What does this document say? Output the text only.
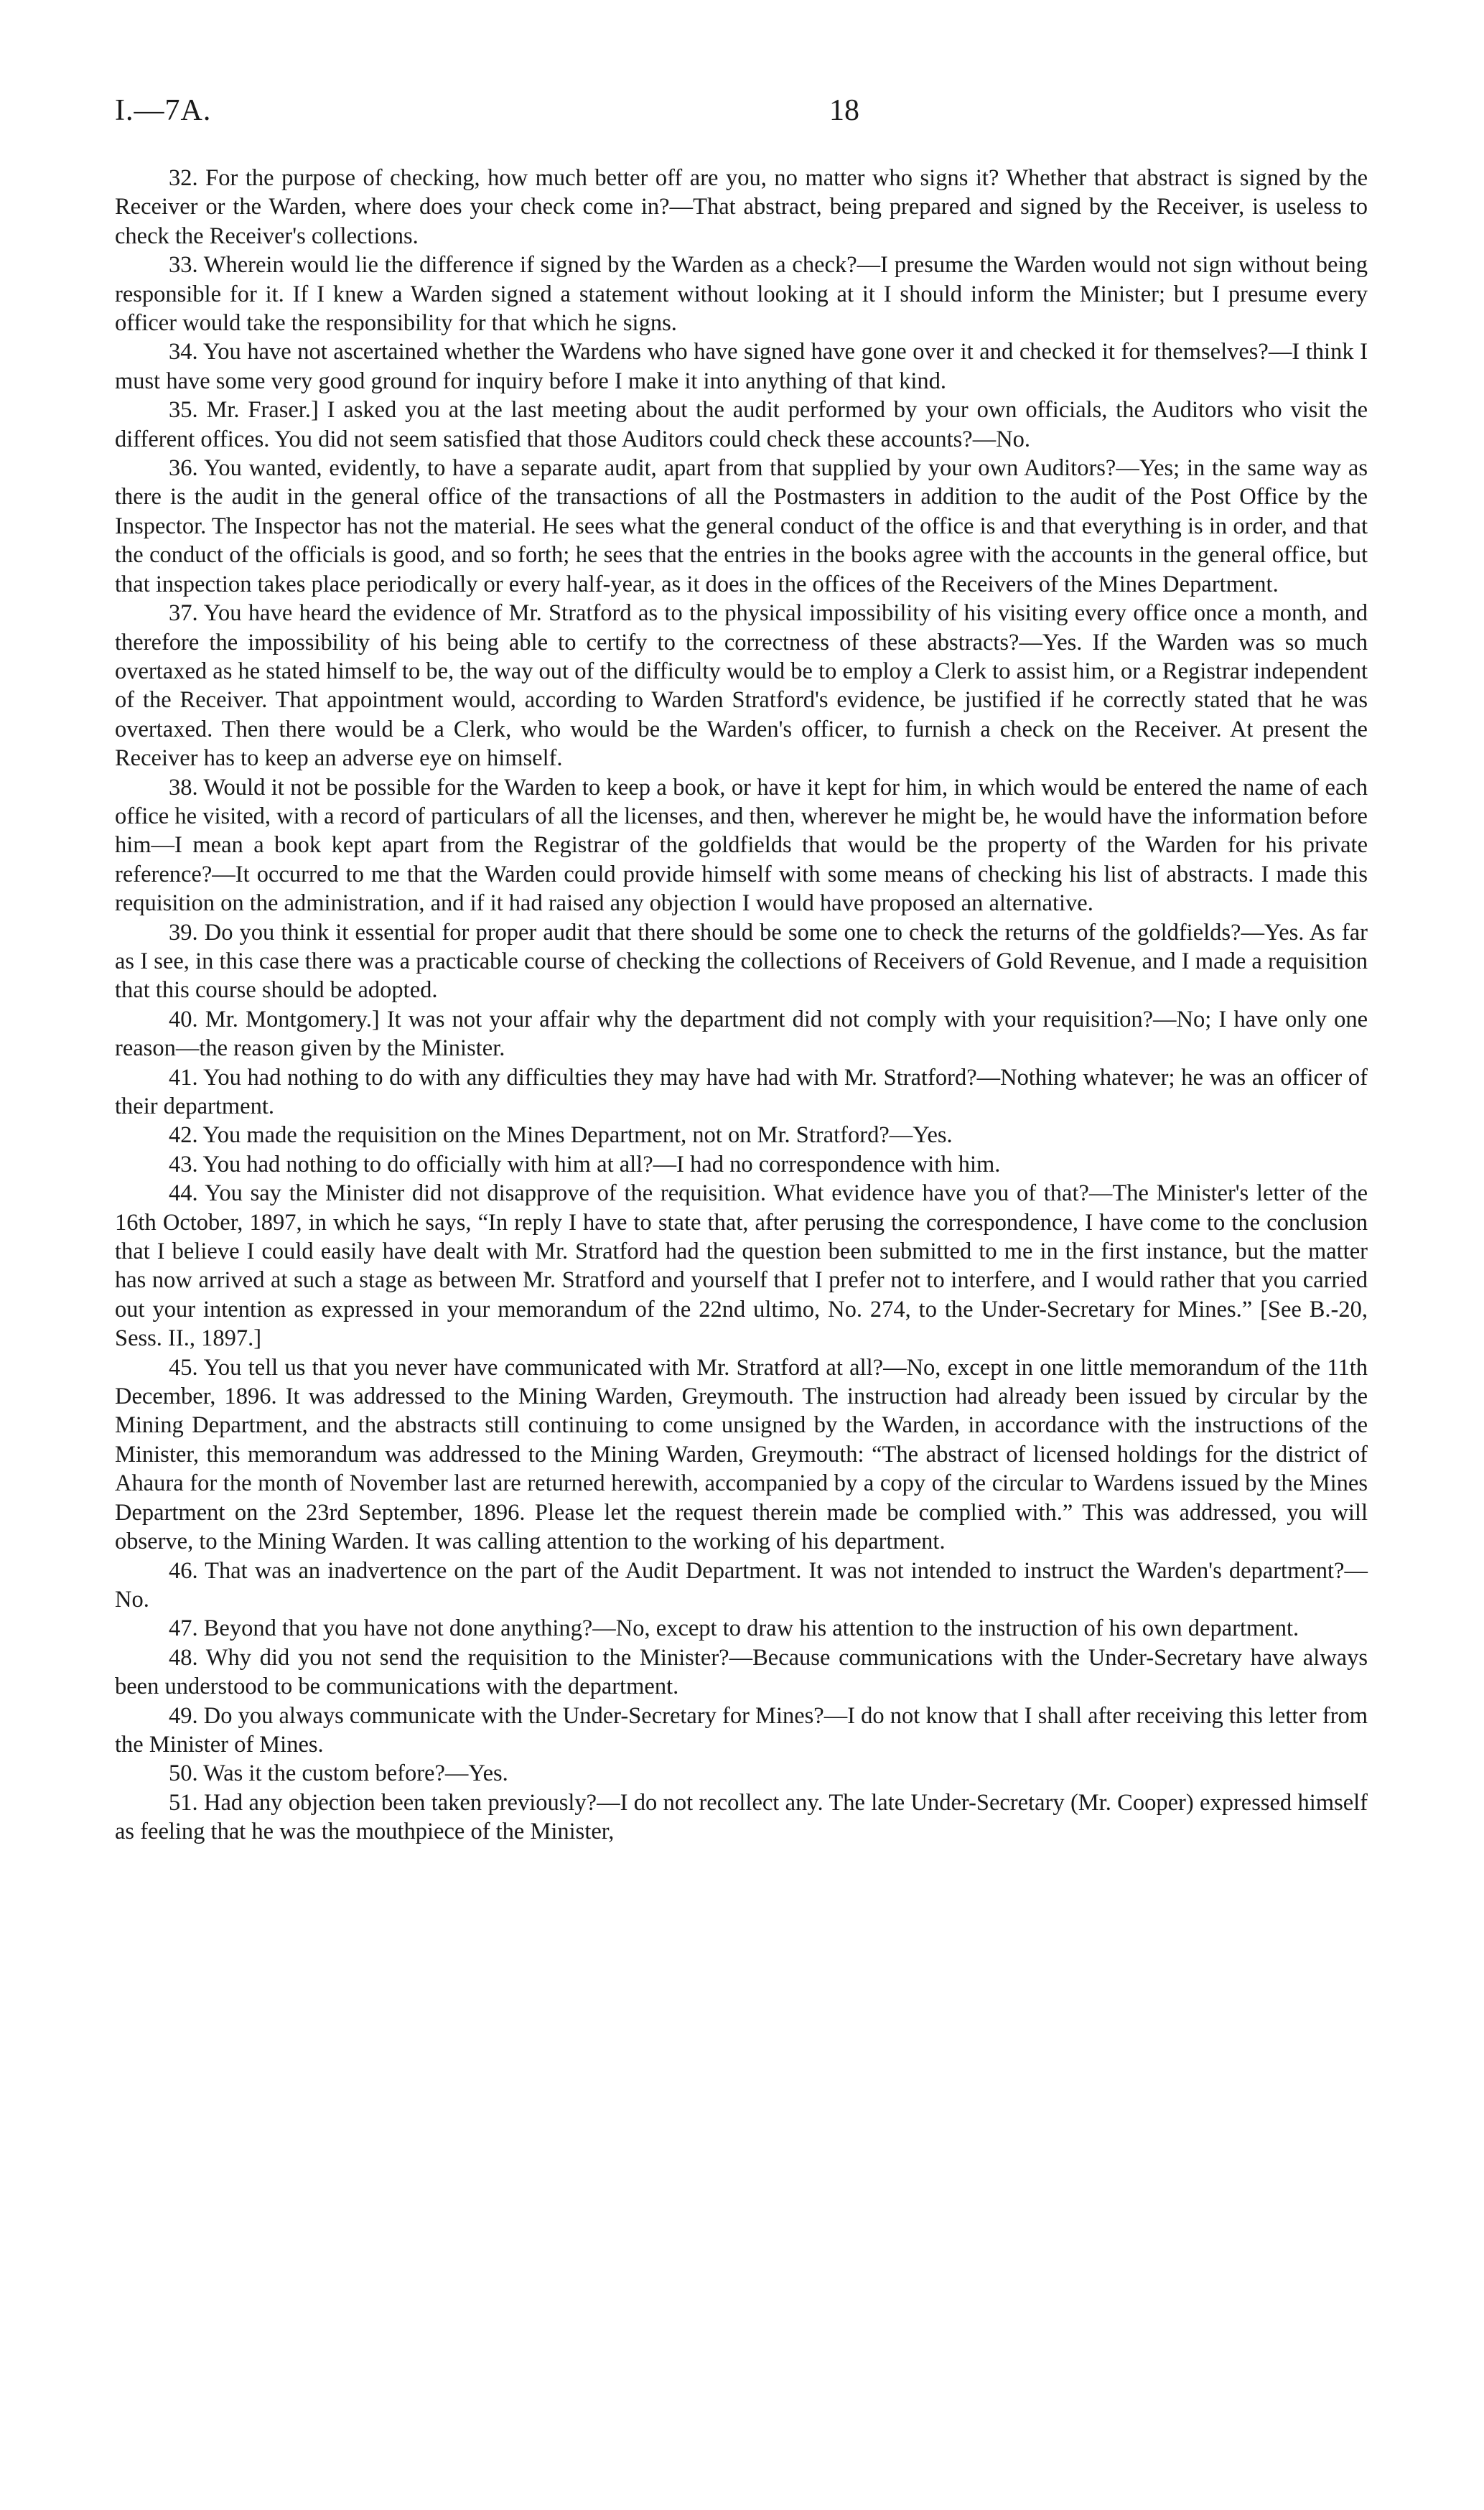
I.—7A.	18

32. For the purpose of checking, how much better off are you, no matter who signs it? Whether that abstract is signed by the Receiver or the Warden, where does your check come in?—That abstract, being prepared and signed by the Receiver, is useless to check the Receiver's collections.

33. Wherein would lie the difference if signed by the Warden as a check?—I presume the Warden would not sign without being responsible for it. If I knew a Warden signed a statement without looking at it I should inform the Minister; but I presume every officer would take the responsibility for that which he signs.

34. You have not ascertained whether the Wardens who have signed have gone over it and checked it for themselves?—I think I must have some very good ground for inquiry before I make it into anything of that kind.

35. Mr. Fraser.] I asked you at the last meeting about the audit performed by your own officials, the Auditors who visit the different offices. You did not seem satisfied that those Auditors could check these accounts?—No.

36. You wanted, evidently, to have a separate audit, apart from that supplied by your own Auditors?—Yes; in the same way as there is the audit in the general office of the transactions of all the Postmasters in addition to the audit of the Post Office by the Inspector. The Inspector has not the material. He sees what the general conduct of the office is and that everything is in order, and that the conduct of the officials is good, and so forth; he sees that the entries in the books agree with the accounts in the general office, but that inspection takes place periodically or every half-year, as it does in the offices of the Receivers of the Mines Department.

37. You have heard the evidence of Mr. Stratford as to the physical impossibility of his visiting every office once a month, and therefore the impossibility of his being able to certify to the correctness of these abstracts?—Yes. If the Warden was so much overtaxed as he stated himself to be, the way out of the difficulty would be to employ a Clerk to assist him, or a Registrar independent of the Receiver. That appointment would, according to Warden Stratford's evidence, be justified if he correctly stated that he was overtaxed. Then there would be a Clerk, who would be the Warden's officer, to furnish a check on the Receiver. At present the Receiver has to keep an adverse eye on himself.

38. Would it not be possible for the Warden to keep a book, or have it kept for him, in which would be entered the name of each office he visited, with a record of particulars of all the licenses, and then, wherever he might be, he would have the information before him—I mean a book kept apart from the Registrar of the goldfields that would be the property of the Warden for his private reference?—It occurred to me that the Warden could provide himself with some means of checking his list of abstracts. I made this requisition on the administration, and if it had raised any objection I would have proposed an alternative.

39. Do you think it essential for proper audit that there should be some one to check the returns of the goldfields?—Yes. As far as I see, in this case there was a practicable course of checking the collections of Receivers of Gold Revenue, and I made a requisition that this course should be adopted.

40. Mr. Montgomery.] It was not your affair why the department did not comply with your requisition?—No; I have only one reason—the reason given by the Minister.

41. You had nothing to do with any difficulties they may have had with Mr. Stratford?—Nothing whatever; he was an officer of their department.

42. You made the requisition on the Mines Department, not on Mr. Stratford?—Yes.

43. You had nothing to do officially with him at all?—I had no correspondence with him.

44. You say the Minister did not disapprove of the requisition. What evidence have you of that?—The Minister's letter of the 16th October, 1897, in which he says, “In reply I have to state that, after perusing the correspondence, I have come to the conclusion that I believe I could easily have dealt with Mr. Stratford had the question been submitted to me in the first instance, but the matter has now arrived at such a stage as between Mr. Stratford and yourself that I prefer not to interfere, and I would rather that you carried out your intention as expressed in your memorandum of the 22nd ultimo, No. 274, to the Under-Secretary for Mines.” [See B.-20, Sess. II., 1897.]

45. You tell us that you never have communicated with Mr. Stratford at all?—No, except in one little memorandum of the 11th December, 1896. It was addressed to the Mining Warden, Greymouth. The instruction had already been issued by circular by the Mining Department, and the abstracts still continuing to come unsigned by the Warden, in accordance with the instructions of the Minister, this memorandum was addressed to the Mining Warden, Greymouth: “The abstract of licensed holdings for the district of Ahaura for the month of November last are returned herewith, accompanied by a copy of the circular to Wardens issued by the Mines Department on the 23rd September, 1896. Please let the request therein made be complied with.” This was addressed, you will observe, to the Mining Warden. It was calling attention to the working of his department.

46. That was an inadvertence on the part of the Audit Department. It was not intended to instruct the Warden's department?—No.

47. Beyond that you have not done anything?—No, except to draw his attention to the instruction of his own department.

48. Why did you not send the requisition to the Minister?—Because communications with the Under-Secretary have always been understood to be communications with the department.

49. Do you always communicate with the Under-Secretary for Mines?—I do not know that I shall after receiving this letter from the Minister of Mines.

50. Was it the custom before?—Yes.

51. Had any objection been taken previously?—I do not recollect any. The late Under-Secretary (Mr. Cooper) expressed himself as feeling that he was the mouthpiece of the Minister,
